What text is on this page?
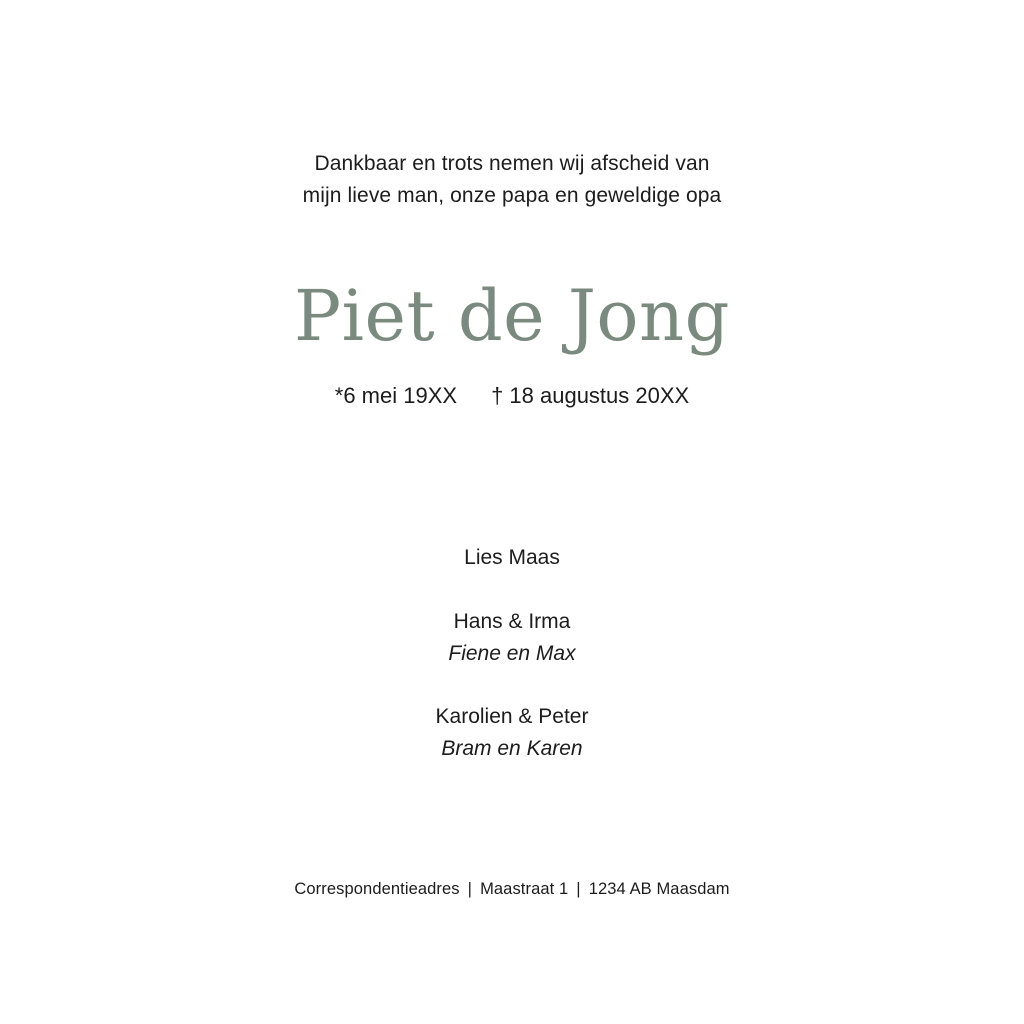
Dankbaar en trots nemen wij afscheid van
mijn lieve man, onze papa en geweldige opa
Piet de Jong
*6 mei 19XX † 18 augustus 20XX
Lies Maas
Hans & Irma
Fiene en Max
Karolien & Peter
Bram en Karen
Correspondentieadres | Maastraat 1 | 1234 AB Maasdam
